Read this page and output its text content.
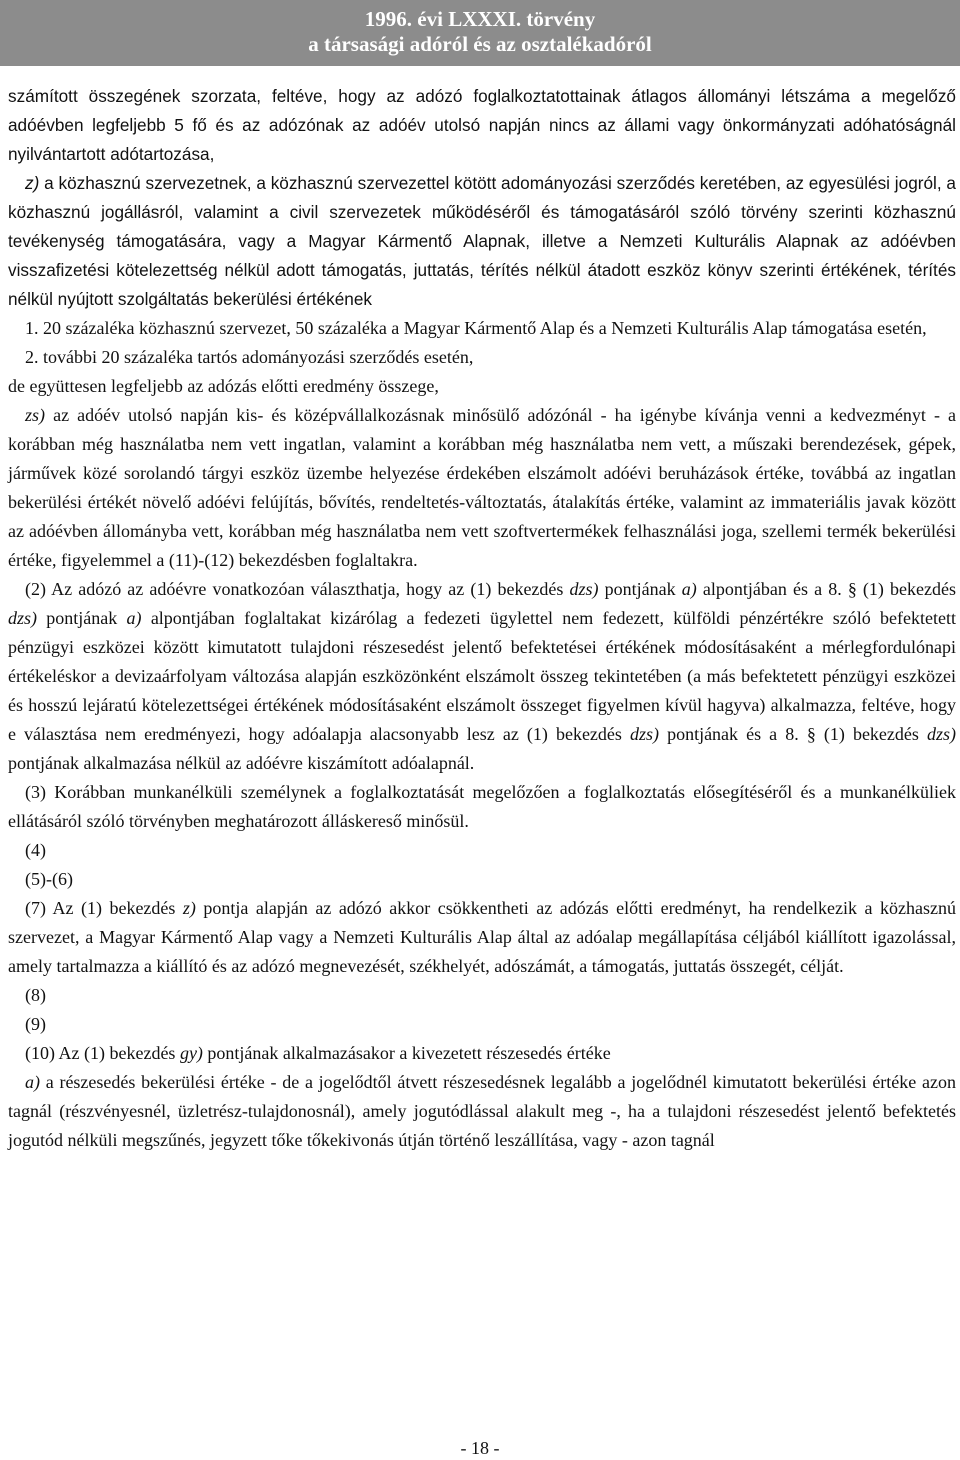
1996. évi LXXXI. törvény
a társasági adóról és az osztalékadóról

számított összegének szorzata, feltéve, hogy az adózó foglalkoztatottainak átlagos állományi létszáma a megelőző adóévben legfeljebb 5 fő és az adózónak az adóév utolsó napján nincs az állami vagy önkormányzati adóhatóságnál nyilvántartott adótartozása,

z) a közhasznú szervezetnek, a közhasznú szervezettel kötött adományozási szerződés keretében, az egyesülési jogról, a közhasznú jogállásról, valamint a civil szervezetek működéséről és támogatásáról szóló törvény szerinti közhasznú tevékenység támogatására, vagy a Magyar Kármentő Alapnak, illetve a Nemzeti Kulturális Alapnak az adóévben visszafizetési kötelezettség nélkül adott támogatás, juttatás, térítés nélkül átadott eszköz könyv szerinti értékének, térítés nélkül nyújtott szolgáltatás bekerülési értékének

1. 20 százaléka közhasznú szervezet, 50 százaléka a Magyar Kármentő Alap és a Nemzeti Kulturális Alap támogatása esetén,

2. további 20 százaléka tartós adományozási szerződés esetén,

de együttesen legfeljebb az adózás előtti eredmény összege,

zs) az adóév utolsó napján kis- és középvállalkozásnak minősülő adózónál - ha igénybe kívánja venni a kedvezményt - a korábban még használatba nem vett ingatlan, valamint a korábban még használatba nem vett, a műszaki berendezések, gépek, járművek közé sorolandó tárgyi eszköz üzembe helyezése érdekében elszámolt adóévi beruházások értéke, továbbá az ingatlan bekerülési értékét növelő adóévi felújítás, bővítés, rendeltetés-változtatás, átalakítás értéke, valamint az immateriális javak között az adóévben állományba vett, korábban még használatba nem vett szoftvertermékek felhasználási joga, szellemi termék bekerülési értéke, figyelemmel a (11)-(12) bekezdésben foglaltakra.

(2) Az adózó az adóévre vonatkozóan választhatja, hogy az (1) bekezdés dzs) pontjának a) alpontjában és a 8. § (1) bekezdés dzs) pontjának a) alpontjában foglaltakat kizárólag a fedezeti ügylettel nem fedezett, külföldi pénzértékre szóló befektetett pénzügyi eszközei között kimutatott tulajdoni részesedést jelentő befektetései értékének módosításaként a mérlegfordulónapi értékeléskor a devizaárfolyam változása alapján eszközönként elszámolt összeg tekintetében (a más befektetett pénzügyi eszközei és hosszú lejáratú kötelezettségei értékének módosításaként elszámolt összeget figyelmen kívül hagyva) alkalmazza, feltéve, hogy e választása nem eredményezi, hogy adóalapja alacsonyabb lesz az (1) bekezdés dzs) pontjának és a 8. § (1) bekezdés dzs) pontjának alkalmazása nélkül az adóévre kiszámított adóalapnál.

(3) Korábban munkanélküli személynek a foglalkoztatását megelőzően a foglalkoztatás elősegítéséről és a munkanélküliek ellátásáról szóló törvényben meghatározott álláskereső minősül.

(4)

(5)-(6)

(7) Az (1) bekezdés z) pontja alapján az adózó akkor csökkentheti az adózás előtti eredményt, ha rendelkezik a közhasznú szervezet, a Magyar Kármentő Alap vagy a Nemzeti Kulturális Alap által az adóalap megállapítása céljából kiállított igazolással, amely tartalmazza a kiállító és az adózó megnevezését, székhelyét, adószámát, a támogatás, juttatás összegét, célját.

(8)

(9)

(10) Az (1) bekezdés gy) pontjának alkalmazásakor a kivezetett részesedés értéke

a) a részesedés bekerülési értéke - de a jogelődtől átvett részesedésnek legalább a jogelődnél kimutatott bekerülési értéke azon tagnál (részvényesnél, üzletrész-tulajdonosnál), amely jogutódlással alakult meg -, ha a tulajdoni részesedést jelentő befektetés jogutód nélküli megszűnés, jegyzett tőke tőkekivonás útján történő leszállítása, vagy - azon tagnál

- 18 -
